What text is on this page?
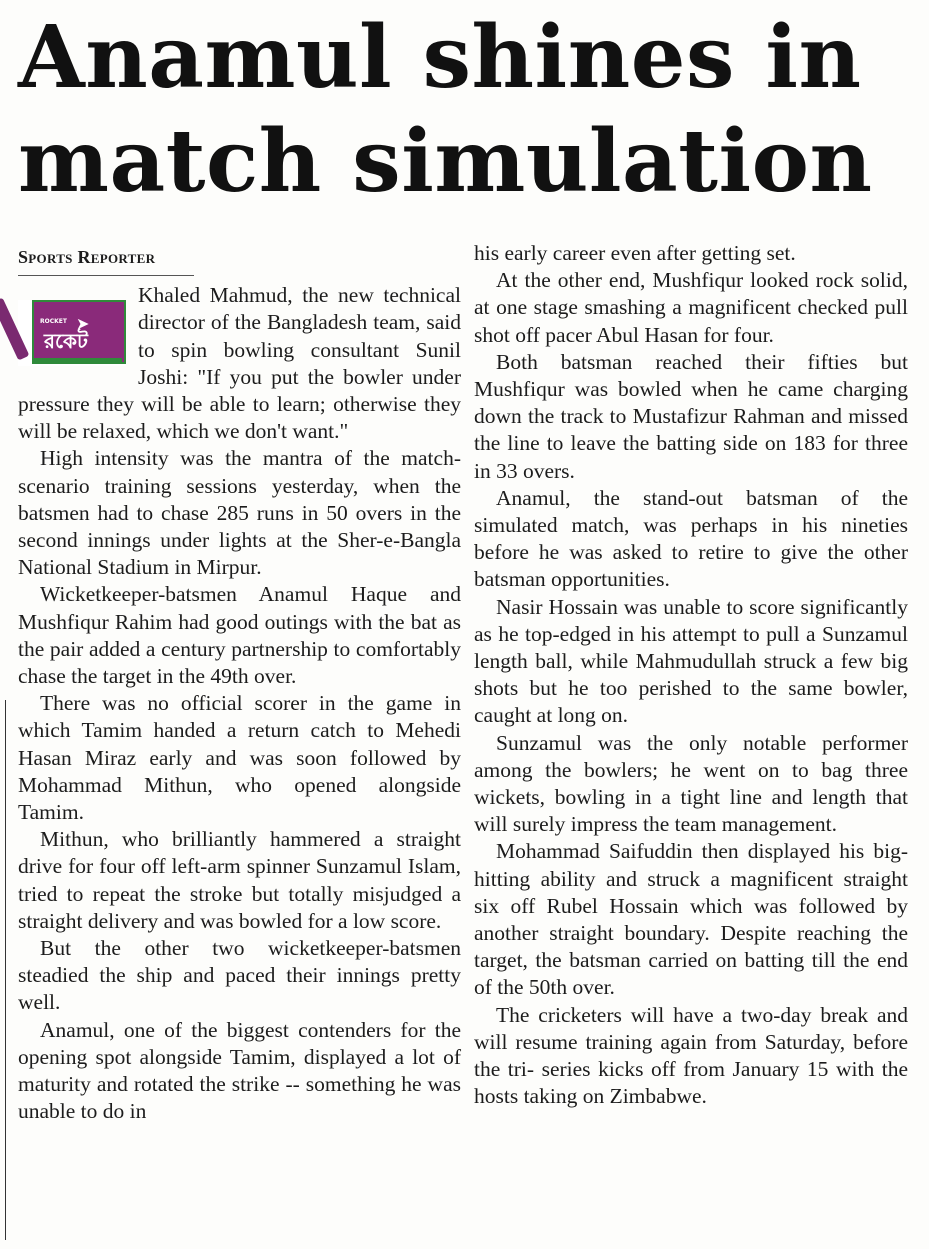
Anamul shines in match simulation
Sports Reporter
ROCKET ➤
রকেট

Khaled Mahmud, the new technical director of the Bangladesh team, said to spin bowling consultant Sunil Joshi: "If you put the bowler under pressure they will be able to learn; otherwise they will be relaxed, which we don't want."

High intensity was the mantra of the match-scenario training sessions yesterday, when the batsmen had to chase 285 runs in 50 overs in the second innings under lights at the Sher-e-Bangla National Stadium in Mirpur.

Wicketkeeper-batsmen Anamul Haque and Mushfiqur Rahim had good outings with the bat as the pair added a century partnership to comfortably chase the target in the 49th over.

There was no official scorer in the game in which Tamim handed a return catch to Mehedi Hasan Miraz early and was soon followed by Mohammad Mithun, who opened alongside Tamim.

Mithun, who brilliantly hammered a straight drive for four off left-arm spinner Sunzamul Islam, tried to repeat the stroke but totally misjudged a straight delivery and was bowled for a low score.

But the other two wicketkeeper-batsmen steadied the ship and paced their innings pretty well.

Anamul, one of the biggest contenders for the opening spot alongside Tamim, displayed a lot of maturity and rotated the strike -- something he was unable to do in

his early career even after getting set.

At the other end, Mushfiqur looked rock solid, at one stage smashing a magnificent checked pull shot off pacer Abul Hasan for four.

Both batsman reached their fifties but Mushfiqur was bowled when he came charging down the track to Mustafizur Rahman and missed the line to leave the batting side on 183 for three in 33 overs.

Anamul, the stand-out batsman of the simulated match, was perhaps in his nineties before he was asked to retire to give the other batsman opportunities.

Nasir Hossain was unable to score significantly as he top-edged in his attempt to pull a Sunzamul length ball, while Mahmudullah struck a few big shots but he too perished to the same bowler, caught at long on.

Sunzamul was the only notable performer among the bowlers; he went on to bag three wickets, bowling in a tight line and length that will surely impress the team management.

Mohammad Saifuddin then displayed his big-hitting ability and struck a magnificent straight six off Rubel Hossain which was followed by another straight boundary. Despite reaching the target, the batsman carried on batting till the end of the 50th over.

The cricketers will have a two-day break and will resume training again from Saturday, before the tri- series kicks off from January 15 with the hosts taking on Zimbabwe.
